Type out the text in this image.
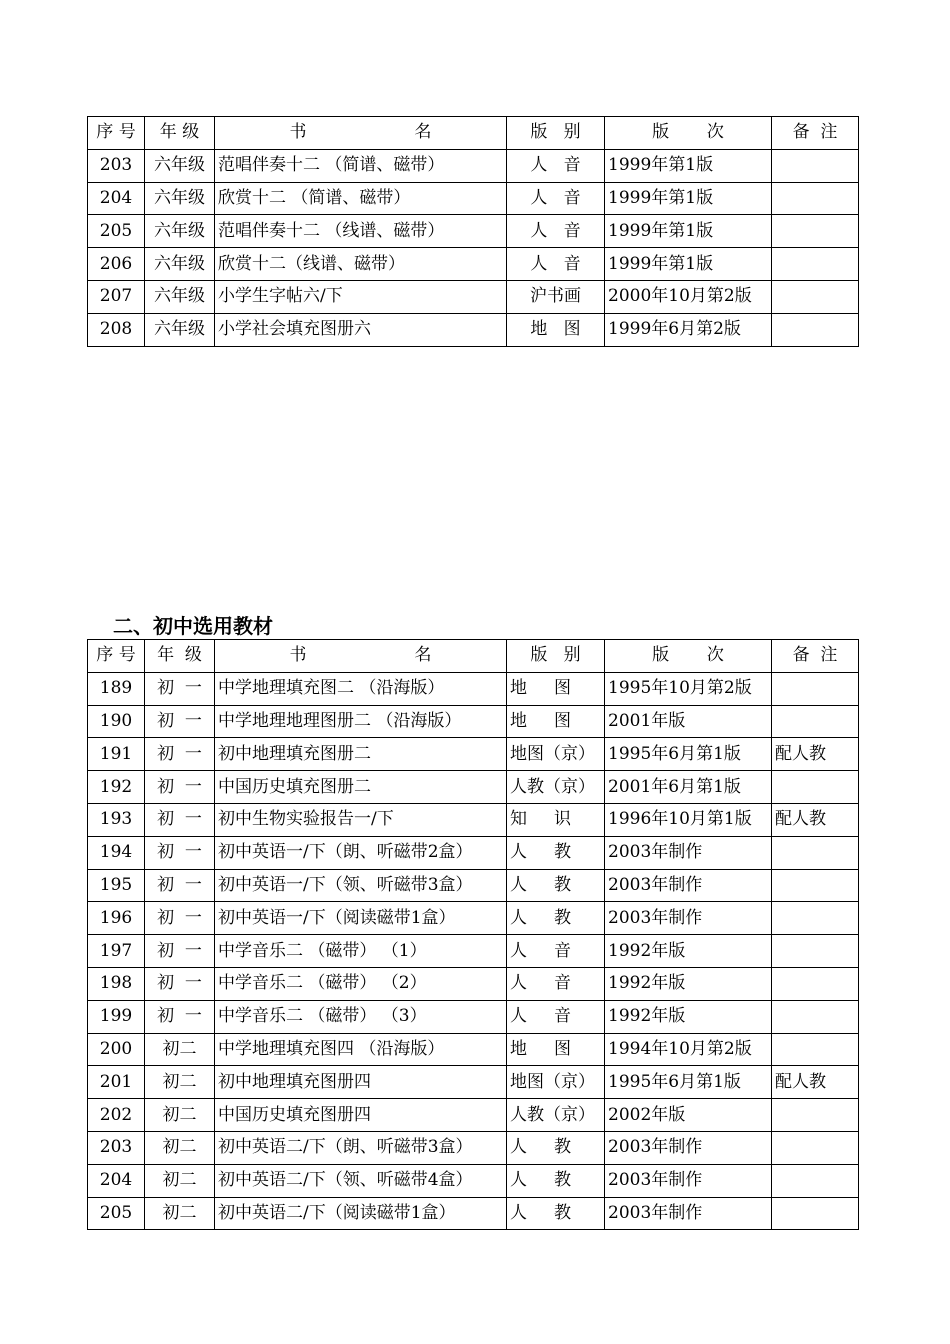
序 号	年 级	书                    名	版   别	版       次	备  注
203	六年级	范唱伴奏十二 （简谱、磁带）	人   音	1999年第1版	
204	六年级	欣赏十二 （简谱、磁带）	人   音	1999年第1版	
205	六年级	范唱伴奏十二 （线谱、磁带）	人   音	1999年第1版	
206	六年级	欣赏十二（线谱、磁带）	人   音	1999年第1版	
207	六年级	小学生字帖六/下	沪书画	2000年10月第2版	
208	六年级	小学社会填充图册六	地   图	1999年6月第2版	
二、初中选用教材
序 号	年  级	书                    名	版   别	版       次	备  注
189	初  一	中学地理填充图二 （沿海版）	地     图	1995年10月第2版	
190	初  一	中学地理地理图册二 （沿海版）	地     图	2001年版	
191	初  一	初中地理填充图册二	地图（京）	1995年6月第1版	配人教
192	初  一	中国历史填充图册二	人教（京）	2001年6月第1版	
193	初  一	初中生物实验报告一/下	知     识	1996年10月第1版	配人教
194	初  一	初中英语一/下（朗、听磁带2盒）	人     教	2003年制作	
195	初  一	初中英语一/下（领、听磁带3盒）	人     教	2003年制作	
196	初  一	初中英语一/下（阅读磁带1盒）	人     教	2003年制作	
197	初  一	中学音乐二 （磁带） （1）	人     音	1992年版	
198	初  一	中学音乐二 （磁带） （2）	人     音	1992年版	
199	初  一	中学音乐二 （磁带） （3）	人     音	1992年版	
200	初二	中学地理填充图四 （沿海版）	地     图	1994年10月第2版	
201	初二	初中地理填充图册四	地图（京）	1995年6月第1版	配人教
202	初二	中国历史填充图册四	人教（京）	2002年版	
203	初二	初中英语二/下（朗、听磁带3盒）	人     教	2003年制作	
204	初二	初中英语二/下（领、听磁带4盒）	人     教	2003年制作	
205	初二	初中英语二/下（阅读磁带1盒）	人     教	2003年制作	
